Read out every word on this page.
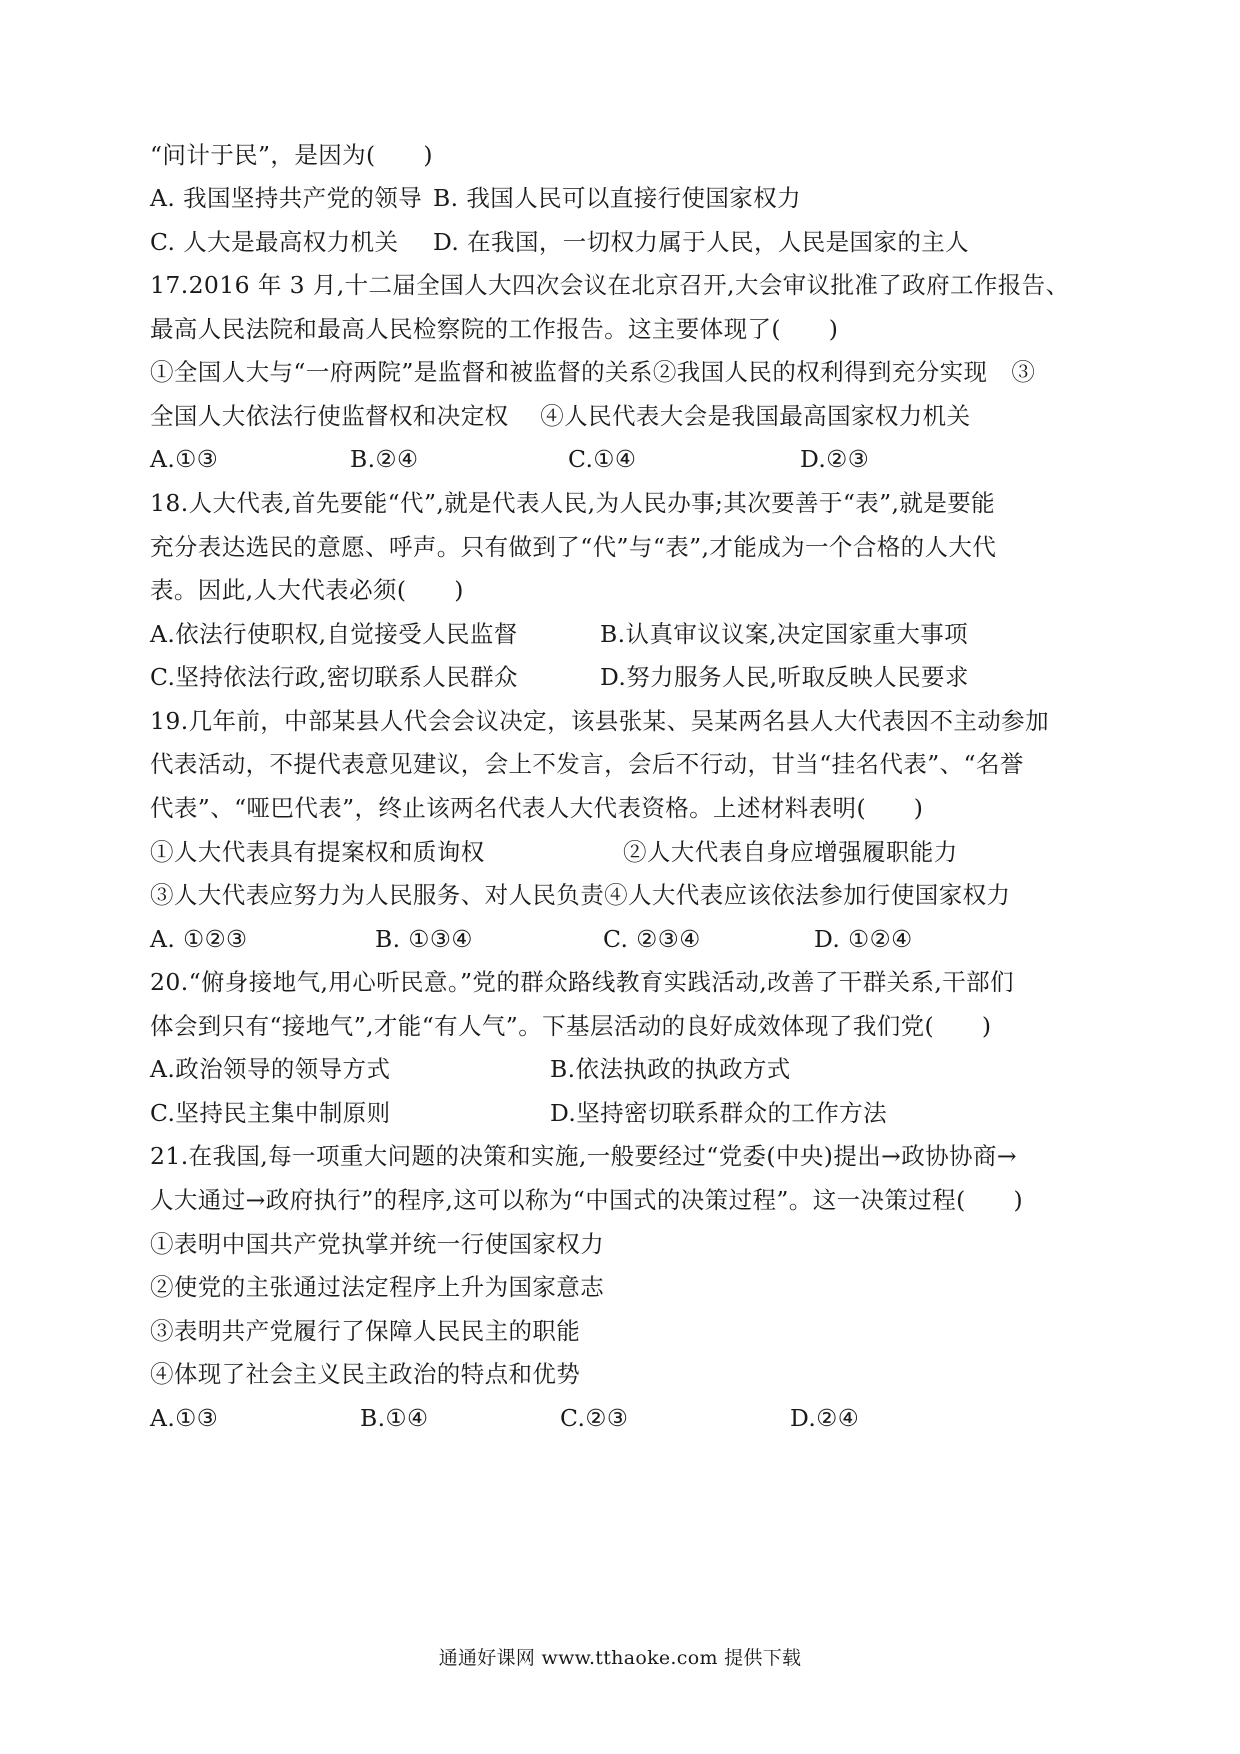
“问计于民”，是因为(　　)
A. 我国坚持共产党的领导 B. 我国人民可以直接行使国家权力
C. 人大是最高权力机关 D. 在我国，一切权力属于人民，人民是国家的主人
17.2016 年 3 月,十二届全国人大四次会议在北京召开,大会审议批准了政府工作报告、
最高人民法院和最高人民检察院的工作报告。这主要体现了(　　)
①全国人大与“一府两院”是监督和被监督的关系②我国人民的权利得到充分实现　③
全国人大依法行使监督权和决定权　 ④人民代表大会是我国最高国家权力机关
A.①③	B.②④	C.①④	D.②③
18.人大代表,首先要能“代”,就是代表人民,为人民办事;其次要善于“表”,就是要能
充分表达选民的意愿、呼声。只有做到了“代”与“表”,才能成为一个合格的人大代
表。因此,人大代表必须(　　)
A.依法行使职权,自觉接受人民监督	B.认真审议议案,决定国家重大事项
C.坚持依法行政,密切联系人民群众	D.努力服务人民,听取反映人民要求
19.几年前，中部某县人代会会议决定，该县张某、吴某两名县人大代表因不主动参加
代表活动，不提代表意见建议，会上不发言，会后不行动，甘当“挂名代表”、“名誉
代表”、“哑巴代表”，终止该两名代表人大代表资格。上述材料表明(　　)
①人大代表具有提案权和质询权	②人大代表自身应增强履职能力
③人大代表应努力为人民服务、对人民负责④人大代表应该依法参加行使国家权力
A. ①②③	B. ①③④	C. ②③④	D. ①②④
20.“俯身接地气,用心听民意。”党的群众路线教育实践活动,改善了干群关系,干部们
体会到只有“接地气”,才能“有人气”。下基层活动的良好成效体现了我们党(　　)
A.政治领导的领导方式	B.依法执政的执政方式
C.坚持民主集中制原则	D.坚持密切联系群众的工作方法
21.在我国,每一项重大问题的决策和实施,一般要经过“党委(中央)提出→政协协商→
人大通过→政府执行”的程序,这可以称为“中国式的决策过程”。这一决策过程(　　)
①表明中国共产党执掌并统一行使国家权力
②使党的主张通过法定程序上升为国家意志
③表明共产党履行了保障人民民主的职能
④体现了社会主义民主政治的特点和优势
A.①③	B.①④	C.②③	D.②④
通通好课网 www.tthaoke.com 提供下载
